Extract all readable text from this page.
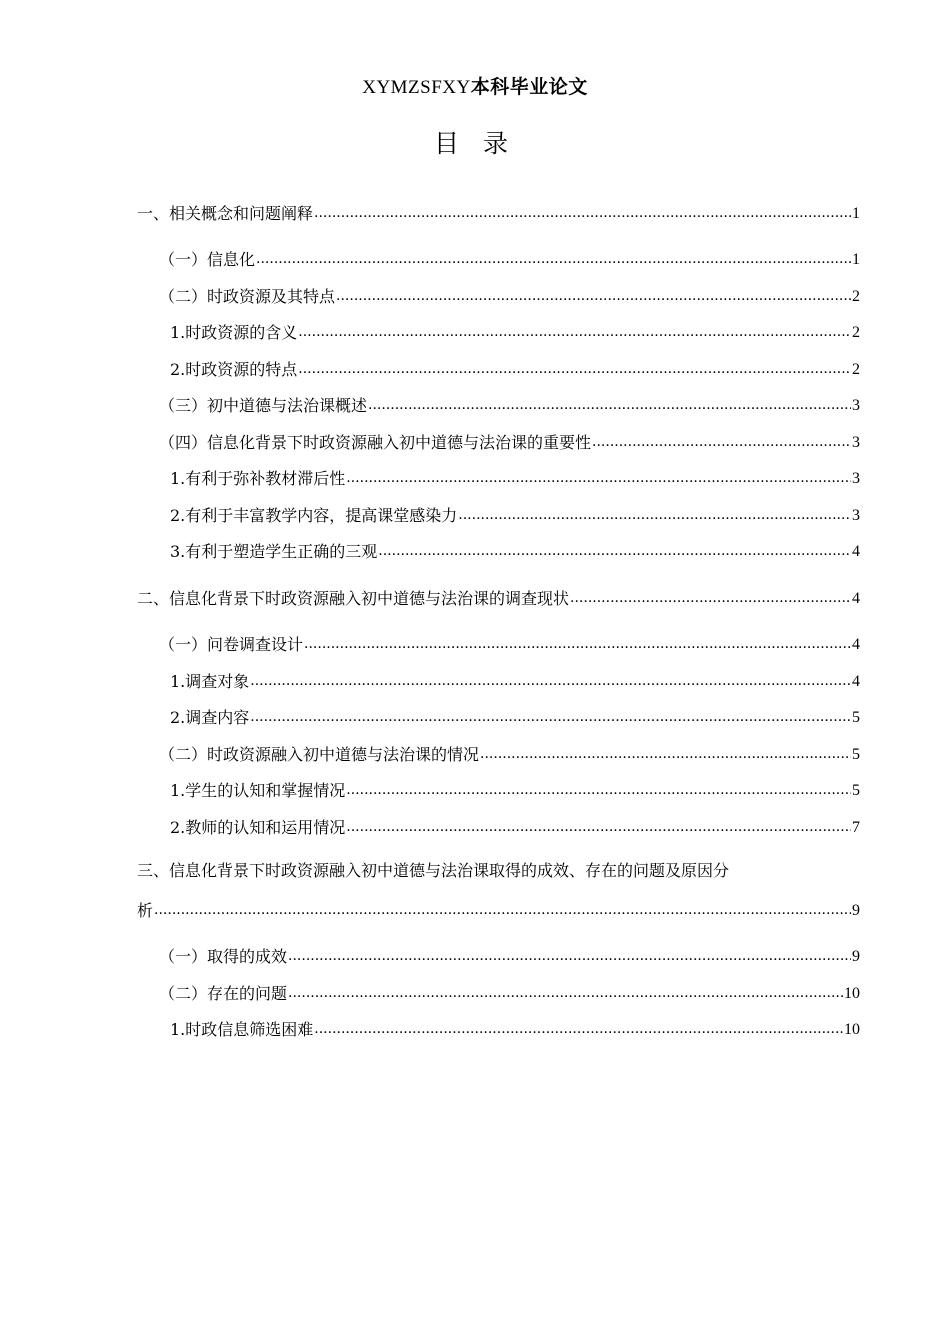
XYMZSFXY本科毕业论文
目 录
一、相关概念和问题阐释 .....	1
（一）信息化 .....	1
（二）时政资源及其特点 .....	2
1.时政资源的含义 .....	2
2.时政资源的特点 .....	2
（三）初中道德与法治课概述 .....	3
（四）信息化背景下时政资源融入初中道德与法治课的重要性 .....	3
1.有利于弥补教材滞后性 .....	3
2.有利于丰富教学内容，提高课堂感染力 .....	3
3.有利于塑造学生正确的三观 .....	4
二、信息化背景下时政资源融入初中道德与法治课的调查现状 .....	4
（一）问卷调查设计 .....	4
1.调查对象 .....	4
2.调查内容 .....	5
（二）时政资源融入初中道德与法治课的情况 .....	5
1.学生的认知和掌握情况 .....	5
2.教师的认知和运用情况 .....	7
三、信息化背景下时政资源融入初中道德与法治课取得的成效、存在的问题及原因分
析 .....	9
（一）取得的成效 .....	9
（二）存在的问题 .....	10
1.时政信息筛选困难 .....	10
